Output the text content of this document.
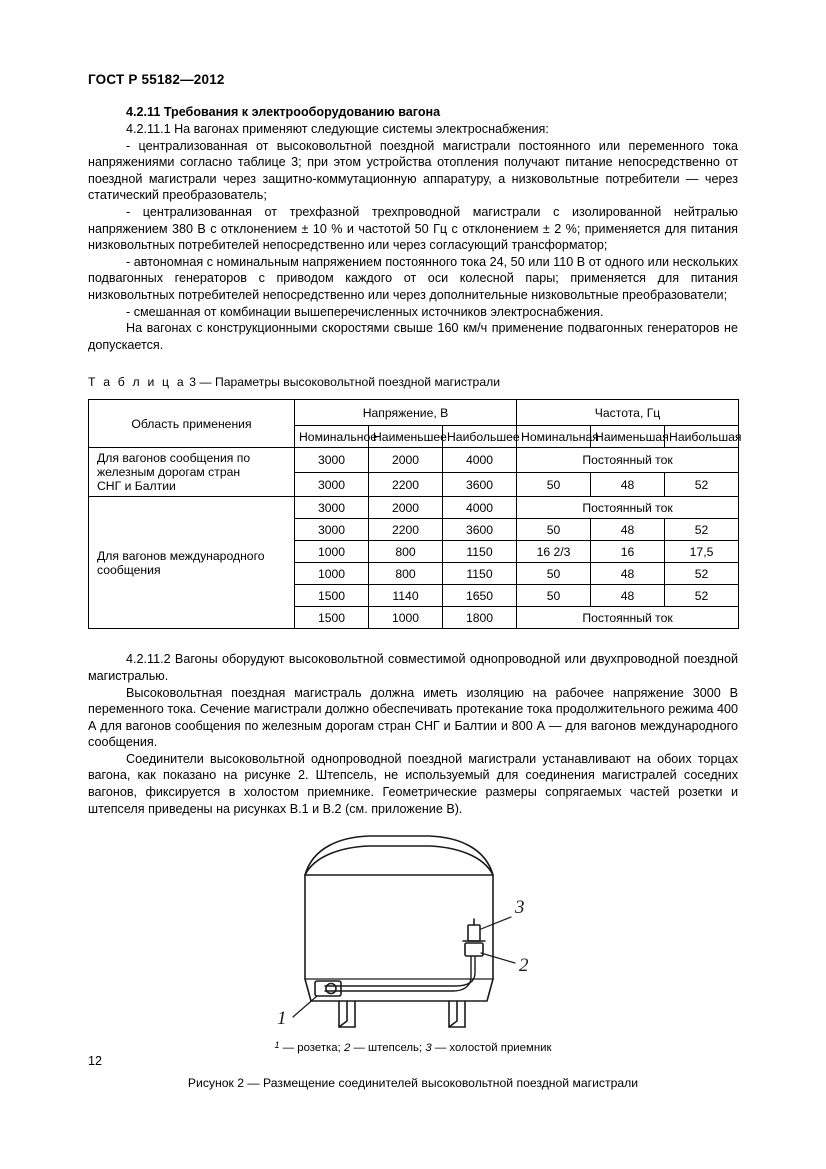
ГОСТ Р 55182—2012
4.2.11 Требования к электрооборудованию вагона

4.2.11.1 На вагонах применяют следующие системы электроснабжения:

- централизованная от высоковольтной поездной магистрали постоянного или переменного тока напряжениями согласно таблице 3; при этом устройства отопления получают питание непосредственно от поездной магистрали через защитно-коммутационную аппаратуру, а низковольтные потребители — через статический преобразователь;

- централизованная от трехфазной трехпроводной магистрали с изолированной нейтралью напряжением 380 В с отклонением ± 10 % и частотой 50 Гц с отклонением ± 2 %; применяется для питания низковольтных потребителей непосредственно или через согласующий трансформатор;

- автономная с номинальным напряжением постоянного тока 24, 50 или 110 В от одного или нескольких подвагонных генераторов с приводом каждого от оси колесной пары; применяется для питания низковольтных потребителей непосредственно или через дополнительные низковольтные преобразователи;

- смешанная от комбинации вышеперечисленных источников электроснабжения.

На вагонах с конструкционными скоростями свыше 160 км/ч применение подвагонных генераторов не допускается.

Т а б л и ц а 3 — Параметры высоковольтной поездной магистрали

Область применения	Напряжение, В			Частота, Гц		
	Номинальное	Наименьшее	Наибольшее	Номинальная	Наименьшая	Наибольшая

Для вагонов сообщения по
железным дорогам стран
СНГ и Балтии	3000	2000	4000	Постоянный ток		
	3000	2200	3600	50	48	52

Для вагонов международного
сообщения	3000	2000	4000	Постоянный ток		
	3000	2200	3600	50	48	52
	1000	800	1150	16 2/3	16	17,5
	1000	800	1150	50	48	52
	1500	1140	1650	50	48	52
	1500	1000	1800	Постоянный ток		

4.2.11.2 Вагоны оборудуют высоковольтной совместимой однопроводной или двухпроводной поездной магистралью.

Высоковольтная поездная магистраль должна иметь изоляцию на рабочее напряжение 3000 В переменного тока. Сечение магистрали должно обеспечивать протекание тока продолжительного режима 400 А для вагонов сообщения по железным дорогам стран СНГ и Балтии и 800 А — для вагонов международного сообщения.

Соединители высоковольтной однопроводной поездной магистрали устанавливают на обоих торцах вагона, как показано на рисунке 2. Штепсель, не используемый для соединения магистралей соседних вагонов, фиксируется в холостом приемнике. Геометрические размеры сопрягаемых частей розетки и штепселя приведены на рисунках В.1 и В.2 (см. приложение В).

3
2
1

$^1$ — розетка; 2 — штепсель; 3 — холостой приемник

Рисунок 2 — Размещение соединителей высоковольтной поездной магистрали

12
